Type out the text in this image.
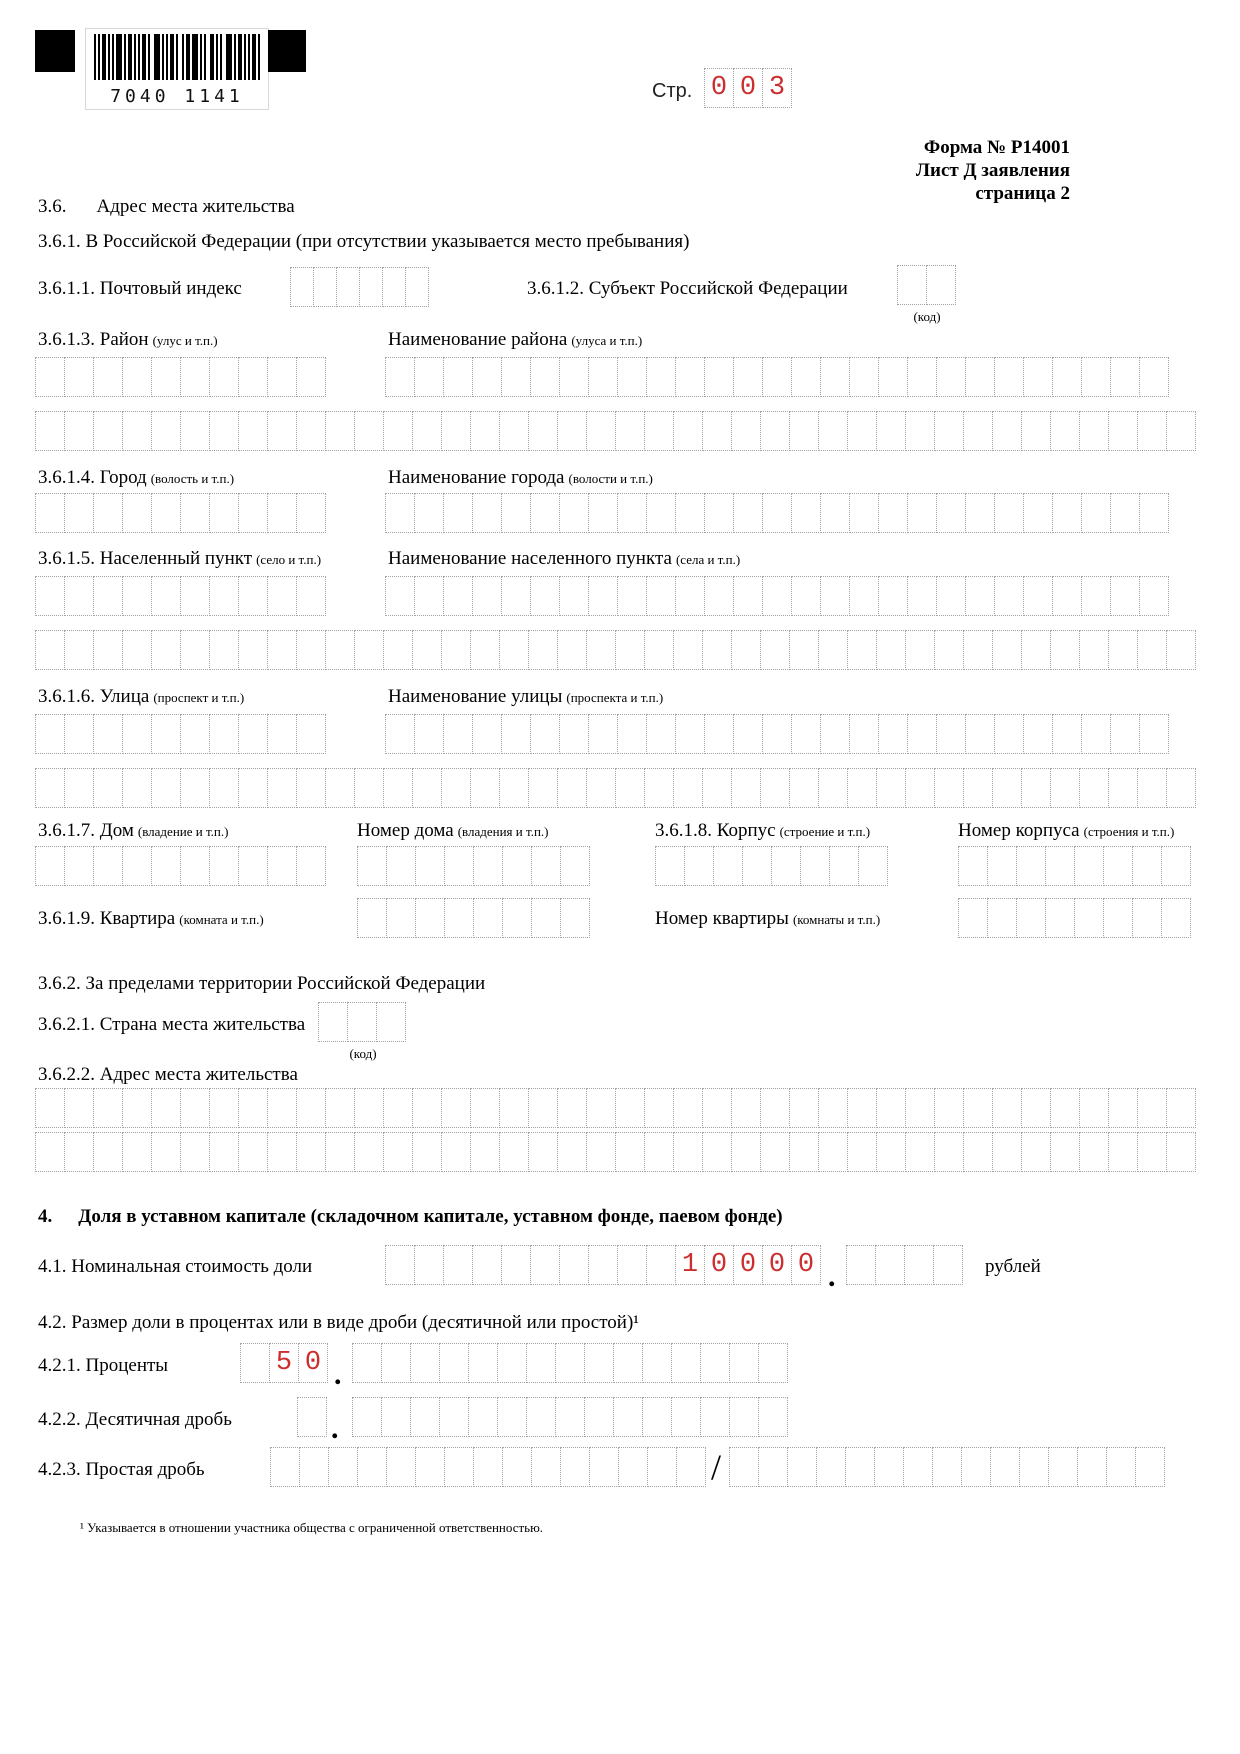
7040 1141	Стр. 0 0 3
Форма № Р14001
Лист Д заявления
страница 2
3.6. Адрес места жительства
3.6.1. В Российской Федерации (при отсутствии указывается место пребывания)
3.6.1.1. Почтовый индекс	3.6.1.2. Субъект Российской Федерации
(код)
3.6.1.3. Район (улус и т.п.)	Наименование района (улуса и т.п.)
3.6.1.4. Город (волость и т.п.)	Наименование города (волости и т.п.)
3.6.1.5. Населенный пункт (село и т.п.)	Наименование населенного пункта (села и т.п.)
3.6.1.6. Улица (проспект и т.п.)	Наименование улицы (проспекта и т.п.)
3.6.1.7. Дом (владение и т.п.)	Номер дома (владения и т.п.)	3.6.1.8. Корпус (строение и т.п.)	Номер корпуса (строения и т.п.)
3.6.1.9. Квартира (комната и т.п.)	Номер квартиры (комнаты и т.п.)
3.6.2. За пределами территории Российской Федерации
3.6.2.1. Страна места жительства
(код)
3.6.2.2. Адрес места жительства
4. Доля в уставном капитале (складочном капитале, уставном фонде, паевом фонде)
4.1. Номинальная стоимость доли	1 0 0 0 0 .	рублей
4.2. Размер доли в процентах или в виде дроби (десятичной или простой)¹
4.2.1. Проценты	5 0 .
4.2.2. Десятичная дробь	.
4.2.3. Простая дробь	/
¹ Указывается в отношении участника общества с ограниченной ответственностью.
